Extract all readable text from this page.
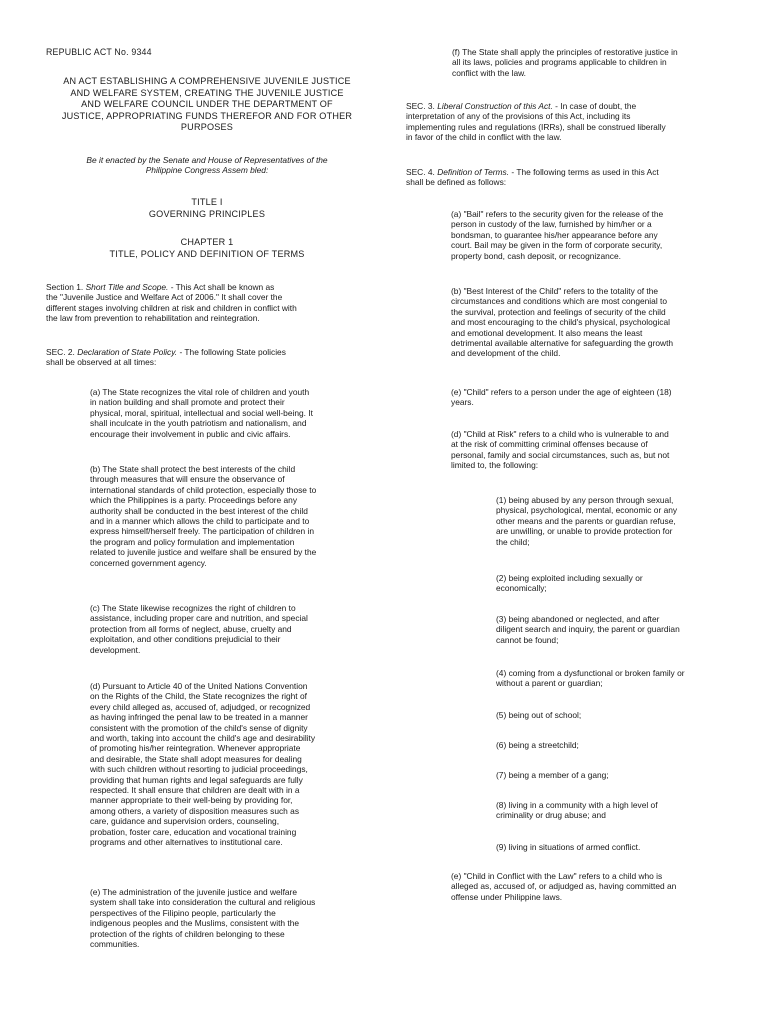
REPUBLIC ACT No. 9344

AN ACT ESTABLISHING A COMPREHENSIVE JUVENILE JUSTICE

AND WELFARE SYSTEM, CREATING THE JUVENILE JUSTICE

AND WELFARE COUNCIL UNDER THE DEPARTMENT OF

JUSTICE, APPROPRIATING FUNDS THEREFOR AND FOR OTHER

PURPOSES

Be it enacted by the Senate and House of Representatives of the

Philippine Congress Assem bled:

TITLE I

GOVERNING PRINCIPLES

CHAPTER 1

TITLE, POLICY AND DEFINITION OF TERMS

Section 1. Short Title and Scope. - This Act shall be known as

the "Juvenile Justice and Welfare Act of 2006." It shall cover the

different stages involving children at risk and children in conflict with

the law from prevention to rehabilitation and reintegration.

SEC. 2. Declaration of State Policy. - The following State policies

shall be observed at all times:

(a) The State recognizes the vital role of children and youth

in nation building and shall promote and protect their

physical, moral, spiritual, intellectual and social well-being. It

shall inculcate in the youth patriotism and nationalism, and

encourage their involvement in public and civic affairs.

(b) The State shall protect the best interests of the child

through measures that will ensure the observance of

international standards of child protection, especially those to

which the Philippines is a party. Proceedings before any

authority shall be conducted in the best interest of the child

and in a manner which allows the child to participate and to

express himself/herself freely. The participation of children in

the program and policy formulation and implementation

related to juvenile justice and welfare shall be ensured by the

concerned government agency.

(c) The State likewise recognizes the right of children to

assistance, including proper care and nutrition, and special

protection from all forms of neglect, abuse, cruelty and

exploitation, and other conditions prejudicial to their

development.

(d) Pursuant to Article 40 of the United Nations Convention

on the Rights of the Child, the State recognizes the right of

every child alleged as, accused of, adjudged, or recognized

as having infringed the penal law to be treated in a manner

consistent with the promotion of the child's sense of dignity

and worth, taking into account the child's age and desirability

of promoting his/her reintegration. Whenever appropriate

and desirable, the State shall adopt measures for dealing

with such children without resorting to judicial proceedings,

providing that human rights and legal safeguards are fully

respected. It shall ensure that children are dealt with in a

manner appropriate to their well-being by providing for,

among others, a variety of disposition measures such as

care, guidance and supervision orders, counseling,

probation, foster care, education and vocational training

programs and other alternatives to institutional care.

(e) The administration of the juvenile justice and welfare

system shall take into consideration the cultural and religious

perspectives of the Filipino people, particularly the

indigenous peoples and the Muslims, consistent with the

protection of the rights of children belonging to these

communities.

(f) The State shall apply the principles of restorative justice in

all its laws, policies and programs applicable to children in

conflict with the law.

SEC. 3. Liberal Construction of this Act. - In case of doubt, the

interpretation of any of the provisions of this Act, including its

implementing rules and regulations (IRRs), shall be construed liberally

in favor of the child in conflict with the law.

SEC. 4. Definition of Terms. - The following terms as used in this Act

shall be defined as follows:

(a) "Bail" refers to the security given for the release of the

person in custody of the law, furnished by him/her or a

bondsman, to guarantee his/her appearance before any

court. Bail may be given in the form of corporate security,

property bond, cash deposit, or recognizance.

(b) "Best Interest of the Child" refers to the totality of the

circumstances and conditions which are most congenial to

the survival, protection and feelings of security of the child

and most encouraging to the child's physical, psychological

and emotional development. It also means the least

detrimental available alternative for safeguarding the growth

and development of the child.

(e) "Child" refers to a person under the age of eighteen (18)

years.

(d) "Child at Risk" refers to a child who is vulnerable to and

at the risk of committing criminal offenses because of

personal, family and social circumstances, such as, but not

limited to, the following:

(1) being abused by any person through sexual,

physical, psychological, mental, economic or any

other means and the parents or guardian refuse,

are unwilling, or unable to provide protection for

the child;

(2) being exploited including sexually or

economically;

(3) being abandoned or neglected, and after

diligent search and inquiry, the parent or guardian

cannot be found;

(4) coming from a dysfunctional or broken family or

without a parent or guardian;

(5) being out of school;

(6) being a streetchild;

(7) being a member of a gang;

(8) living in a community with a high level of

criminality or drug abuse; and

(9) living in situations of armed conflict.

(e) "Child in Conflict with the Law" refers to a child who is

alleged as, accused of, or adjudged as, having committed an

offense under Philippine laws.
